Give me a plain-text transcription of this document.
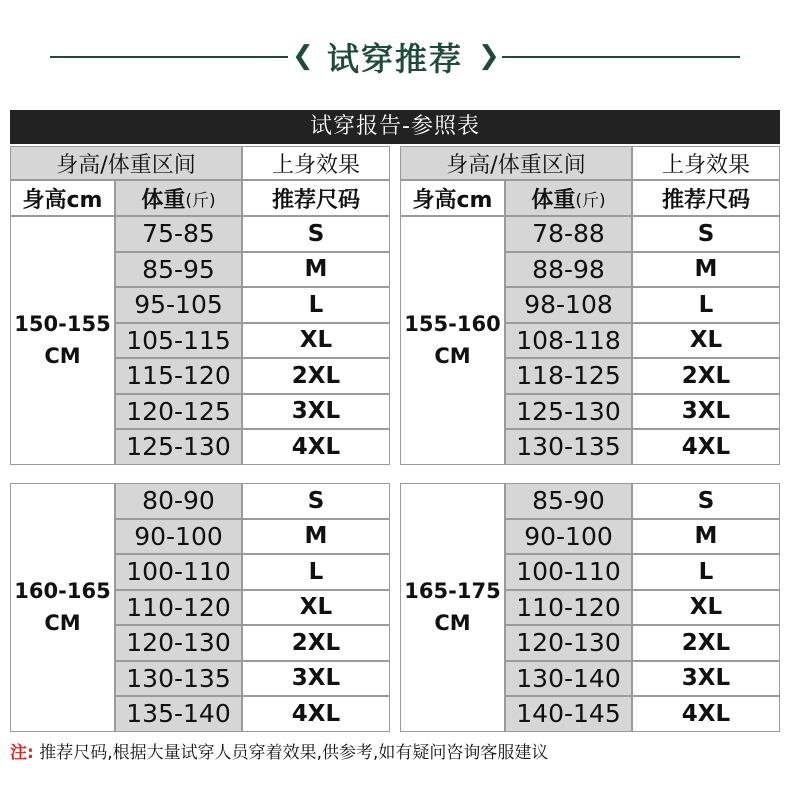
❮ 试穿推荐 ❯
试穿报告-参照表
身高/体重区间	上身效果
身高cm	体重 (斤)	推荐尺码
150-155
CM
75-85	S
85-95	M
95-105	L
105-115	XL
115-120	2XL
120-125	3XL
125-130	4XL
身高/体重区间	上身效果
身高cm	体重 (斤)	推荐尺码
155-160
CM
78-88	S
88-98	M
98-108	L
108-118	XL
118-125	2XL
125-130	3XL
130-135	4XL
160-165
CM
80-90	S
90-100	M
100-110	L
110-120	XL
120-130	2XL
130-135	3XL
135-140	4XL
165-175
CM
85-90	S
90-100	M
100-110	L
110-120	XL
120-130	2XL
130-140	3XL
140-145	4XL
注: 推荐尺码,根据大量试穿人员穿着效果,供参考,如有疑问咨询客服建议
